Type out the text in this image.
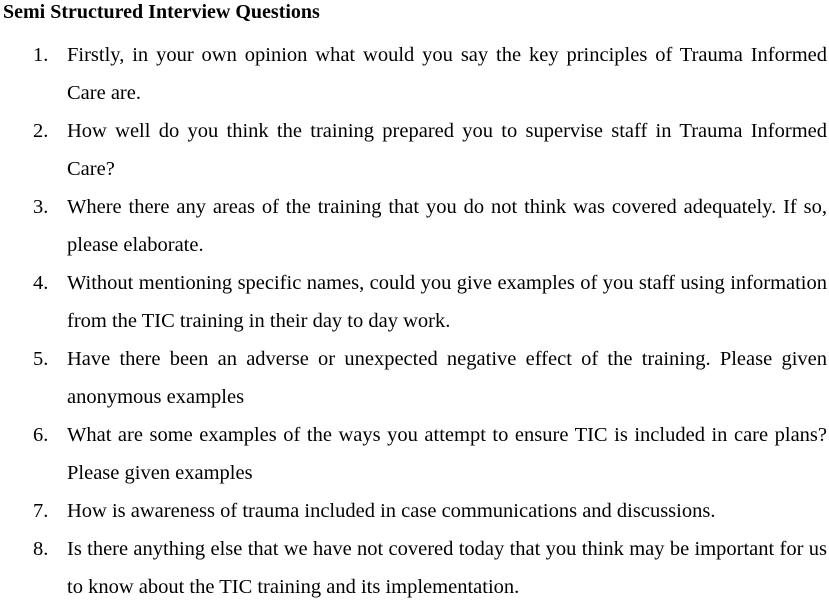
Semi Structured Interview Questions
1. Firstly, in your own opinion what would you say the key principles of Trauma Informed Care are.
2. How well do you think the training prepared you to supervise staff in Trauma Informed Care?
3. Where there any areas of the training that you do not think was covered adequately. If so, please elaborate.
4. Without mentioning specific names, could you give examples of you staff using information from the TIC training in their day to day work.
5. Have there been an adverse or unexpected negative effect of the training. Please given anonymous examples
6. What are some examples of the ways you attempt to ensure TIC is included in care plans? Please given examples
7. How is awareness of trauma included in case communications and discussions.
8. Is there anything else that we have not covered today that you think may be important for us to know about the TIC training and its implementation.
